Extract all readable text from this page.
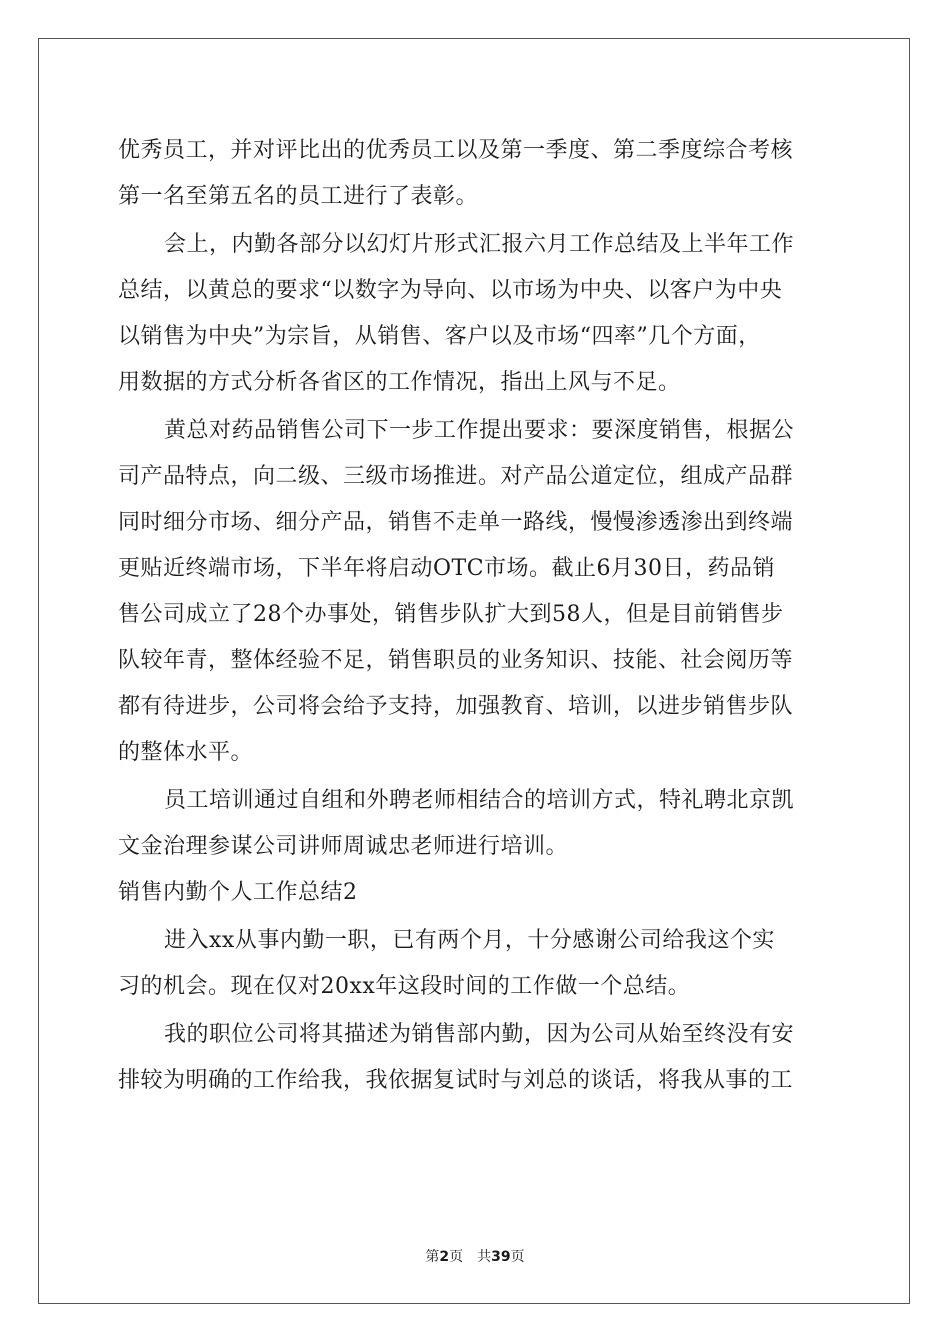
优秀员工，并对评比出的优秀员工以及第一季度、第二季度综合考核
第一名至第五名的员工进行了表彰。
会上，内勤各部分以幻灯片形式汇报六月工作总结及上半年工作
总结，以黄总的要求“以数字为导向、以市场为中央、以客户为中央
以销售为中央”为宗旨，从销售、客户以及市场“四率”几个方面，
用数据的方式分析各省区的工作情况，指出上风与不足。
黄总对药品销售公司下一步工作提出要求：要深度销售，根据公
司产品特点，向二级、三级市场推进。对产品公道定位，组成产品群
同时细分市场、细分产品，销售不走单一路线，慢慢渗透渗出到终端
更贴近终端市场，下半年将启动OTC市场。截止6月30日，药品销
售公司成立了28个办事处，销售步队扩大到58人，但是目前销售步
队较年青，整体经验不足，销售职员的业务知识、技能、社会阅历等
都有待进步，公司将会给予支持，加强教育、培训，以进步销售步队
的整体水平。
员工培训通过自组和外聘老师相结合的培训方式，特礼聘北京凯
文金治理参谋公司讲师周诚忠老师进行培训。
销售内勤个人工作总结2
进入xx从事内勤一职，已有两个月，十分感谢公司给我这个实
习的机会。现在仅对20xx年这段时间的工作做一个总结。
我的职位公司将其描述为销售部内勤，因为公司从始至终没有安
排较为明确的工作给我，我依据复试时与刘总的谈话，将我从事的工
第2页 共39页
